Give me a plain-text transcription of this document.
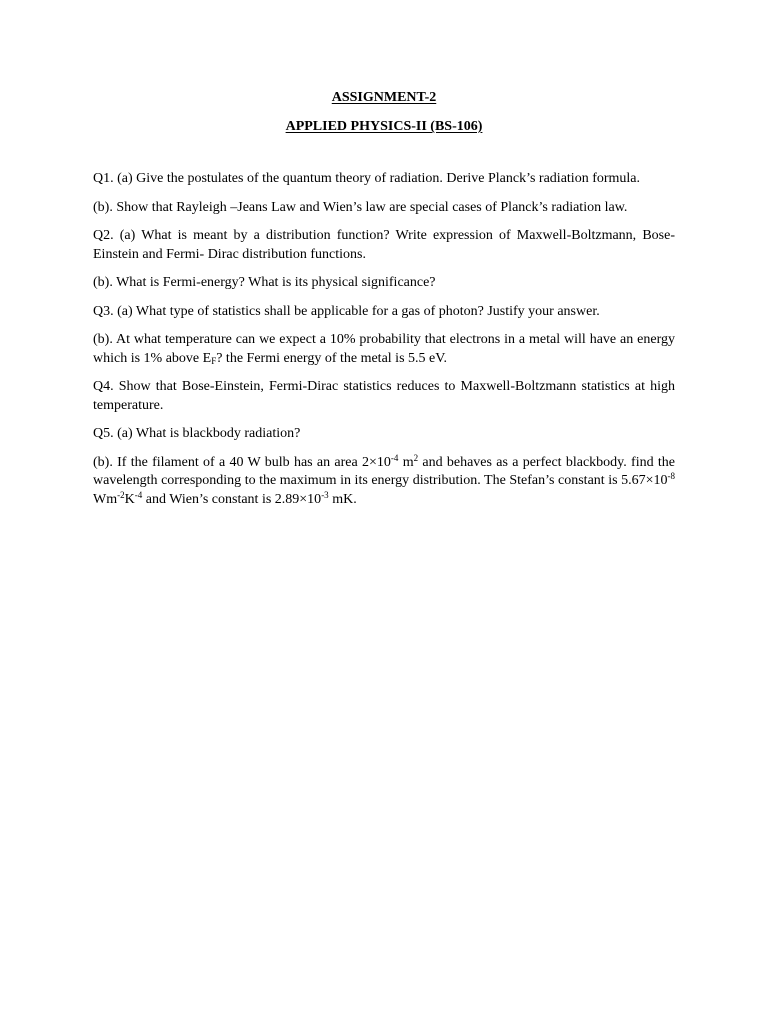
ASSIGNMENT-2
APPLIED PHYSICS-II (BS-106)

Q1. (a) Give the postulates of the quantum theory of radiation. Derive Planck’s radiation formula.

(b). Show that Rayleigh –Jeans Law and Wien’s law are special cases of Planck’s radiation law.

Q2. (a) What is meant by a distribution function? Write expression of Maxwell-Boltzmann, Bose-Einstein and Fermi- Dirac distribution functions.

(b). What is Fermi-energy? What is its physical significance?

Q3. (a) What type of statistics shall be applicable for a gas of photon? Justify your answer.

(b). At what temperature can we expect a 10% probability that electrons in a metal will have an energy which is 1% above $E_F$? the Fermi energy of the metal is 5.5 eV.

Q4. Show that Bose-Einstein, Fermi-Dirac statistics reduces to Maxwell-Boltzmann statistics at high temperature.

Q5. (a) What is blackbody radiation?

(b). If the filament of a 40 W bulb has an area $2\times 10^{-4}$ $m^2$ and behaves as a perfect blackbody. find the wavelength corresponding to the maximum in its energy distribution. The Stefan’s constant is $5.67\times 10^{-8}$ $Wm^{-2}K^{-4}$ and Wien’s constant is $2.89\times 10^{-3}$ mK.
